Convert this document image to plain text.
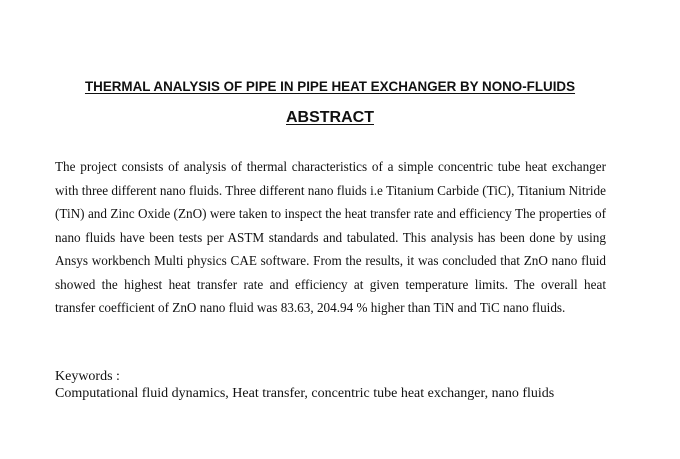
THERMAL ANALYSIS OF PIPE IN PIPE HEAT EXCHANGER BY NONO-FLUIDS
ABSTRACT

The project consists of analysis of thermal characteristics of a simple concentric tube heat exchanger with three different nano fluids. Three different nano fluids i.e Titanium Carbide (TiC), Titanium Nitride (TiN) and Zinc Oxide (ZnO) were taken to inspect the heat transfer rate and efficiency The properties of nano fluids have been tests per ASTM standards and tabulated. This analysis has been done by using Ansys workbench Multi physics CAE software. From the results, it was concluded that ZnO nano fluid showed the highest heat transfer rate and efficiency at given temperature limits. The overall heat transfer coefficient of ZnO nano fluid was 83.63, 204.94 % higher than TiN and TiC nano fluids.

Keywords :
Computational fluid dynamics, Heat transfer, concentric tube heat exchanger, nano fluids
